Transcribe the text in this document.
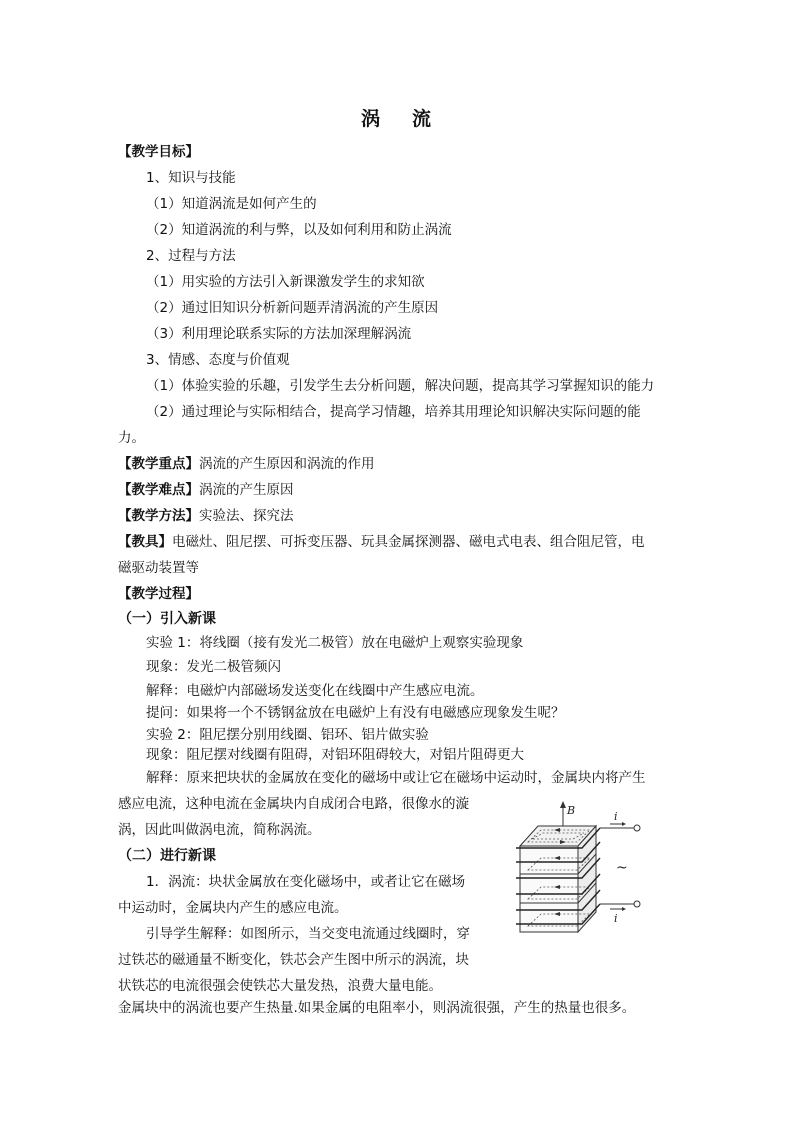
涡 流
【教学目标】
1、知识与技能
（1）知道涡流是如何产生的
（2）知道涡流的利与弊，以及如何利用和防止涡流
2、过程与方法
（1）用实验的方法引入新课激发学生的求知欲
（2）通过旧知识分析新问题弄清涡流的产生原因
（3）利用理论联系实际的方法加深理解涡流
3、情感、态度与价值观
（1）体验实验的乐趣，引发学生去分析问题，解决问题，提高其学习掌握知识的能力
（2）通过理论与实际相结合，提高学习情趣，培养其用理论知识解决实际问题的能
力。
【教学重点】涡流的产生原因和涡流的作用
【教学难点】涡流的产生原因
【教学方法】实验法、探究法
【教具】电磁灶、阻尼摆、可拆变压器、玩具金属探测器、磁电式电表、组合阻尼管，电
磁驱动装置等
【教学过程】
（一）引入新课
实验 1：将线圈（接有发光二极管）放在电磁炉上观察实验现象
现象：发光二极管频闪
解释：电磁炉内部磁场发送变化在线圈中产生感应电流。
提问：如果将一个不锈钢盆放在电磁炉上有没有电磁感应现象发生呢？
实验 2：阻尼摆分别用线圈、铝环、铝片做实验
现象：阻尼摆对线圈有阻碍，对铝环阻碍较大，对铝片阻碍更大
解释：原来把块状的金属放在变化的磁场中或让它在磁场中运动时，金属块内将产生
感应电流，这种电流在金属块内自成闭合电路，很像水的漩
涡，因此叫做涡电流，简称涡流。
（二）进行新课
1．涡流：块状金属放在变化磁场中，或者让它在磁场
中运动时，金属块内产生的感应电流。
引导学生解释：如图所示，当交变电流通过线圈时，穿
过铁芯的磁通量不断变化，铁芯会产生图中所示的涡流，块
状铁芯的电流很强会使铁芯大量发热，浪费大量电能。
金属块中的涡流也要产生热量.如果金属的电阻率小，则涡流很强，产生的热量也很多。
B	i
i
~
